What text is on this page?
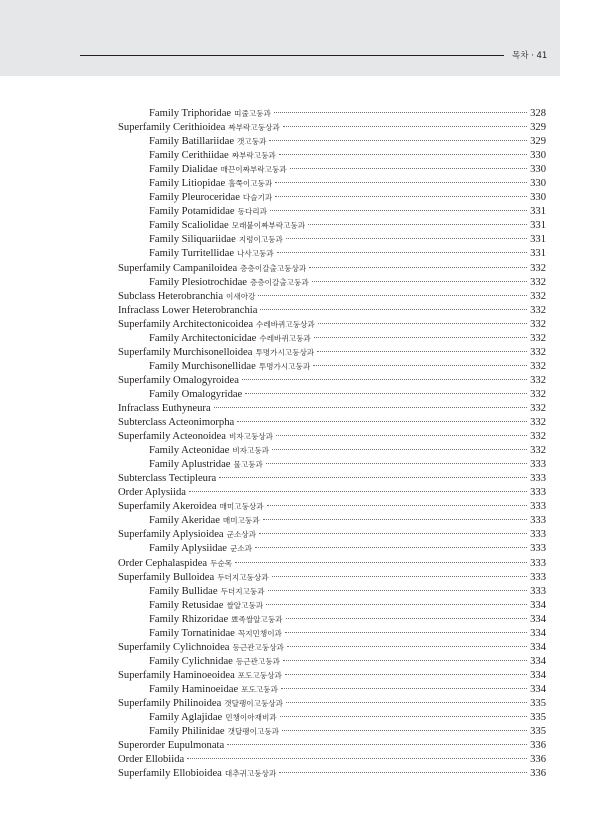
목차 · 41
Family Triphoridae 띠줄고둥과	328
Superfamily Cerithioidea 짜부락고둥상과	329
Family Batillariidae 갯고둥과	329
Family Cerithiidae 짜부락고둥과	330
Family Dialidae 매끈이짜부락고둥과	330
Family Litiopidae 홀쭉이고둥과	330
Family Pleuroceridae 다슬기과	330
Family Potamididae 동다리과	331
Family Scaliolidae 모래붙이짜부락고둥과	331
Family Siliquariidae 지렁이고둥과	331
Family Turritellidae 나사고둥과	331
Superfamily Campaniloidea 층층이갈출고둥상과	332
Family Plesiotrochidae 층층이갈출고둥과	332
Subclass Heterobranchia 이새아강	332
Infraclass Lower Heterobranchia	332
Superfamily Architectonicoidea 수레바퀴고둥상과	332
Family Architectonicidae 수레바퀴고둥과	332
Superfamily Murchisonelloidea 투명가시고둥상과	332
Family Murchisonellidae 투명가시고둥과	332
Superfamily Omalogyroidea	332
Family Omalogyridae	332
Infraclass Euthyneura	332
Subterclass Acteonimorpha	332
Superfamily Acteonoidea 비자고둥상과	332
Family Acteonidae 비자고둥과	332
Family Aplustridae 물고둥과	333
Subterclass Tectipleura	333
Order Aplysiida	333
Superfamily Akeroidea 매미고둥상과	333
Family Akeridae 매미고둥과	333
Superfamily Aplysioidea 군소상과	333
Family Aplysiidae 군소과	333
Order Cephalaspidea 두순목	333
Superfamily Bulloidea 두더지고둥상과	333
Family Bullidae 두더지고둥과	333
Family Retusidae 쌀알고둥과	334
Family Rhizoridae 뾰족쌀알고둥과	334
Family Tornatinidae 꼭지민챙이과	334
Superfamily Cylichnoidea 등근관고둥상과	334
Family Cylichnidae 등근관고둥과	334
Superfamily Haminoeoidea 포도고둥상과	334
Family Haminoeidae 포도고둥과	334
Superfamily Philinoidea 갯달팽이고둥상과	335
Family Aglajidae 민챙이아재비과	335
Family Philinidae 갯달팽이고둥과	335
Superorder Eupulmonata	336
Order Ellobiida	336
Superfamily Ellobioidea 대추귀고둥상과	336
